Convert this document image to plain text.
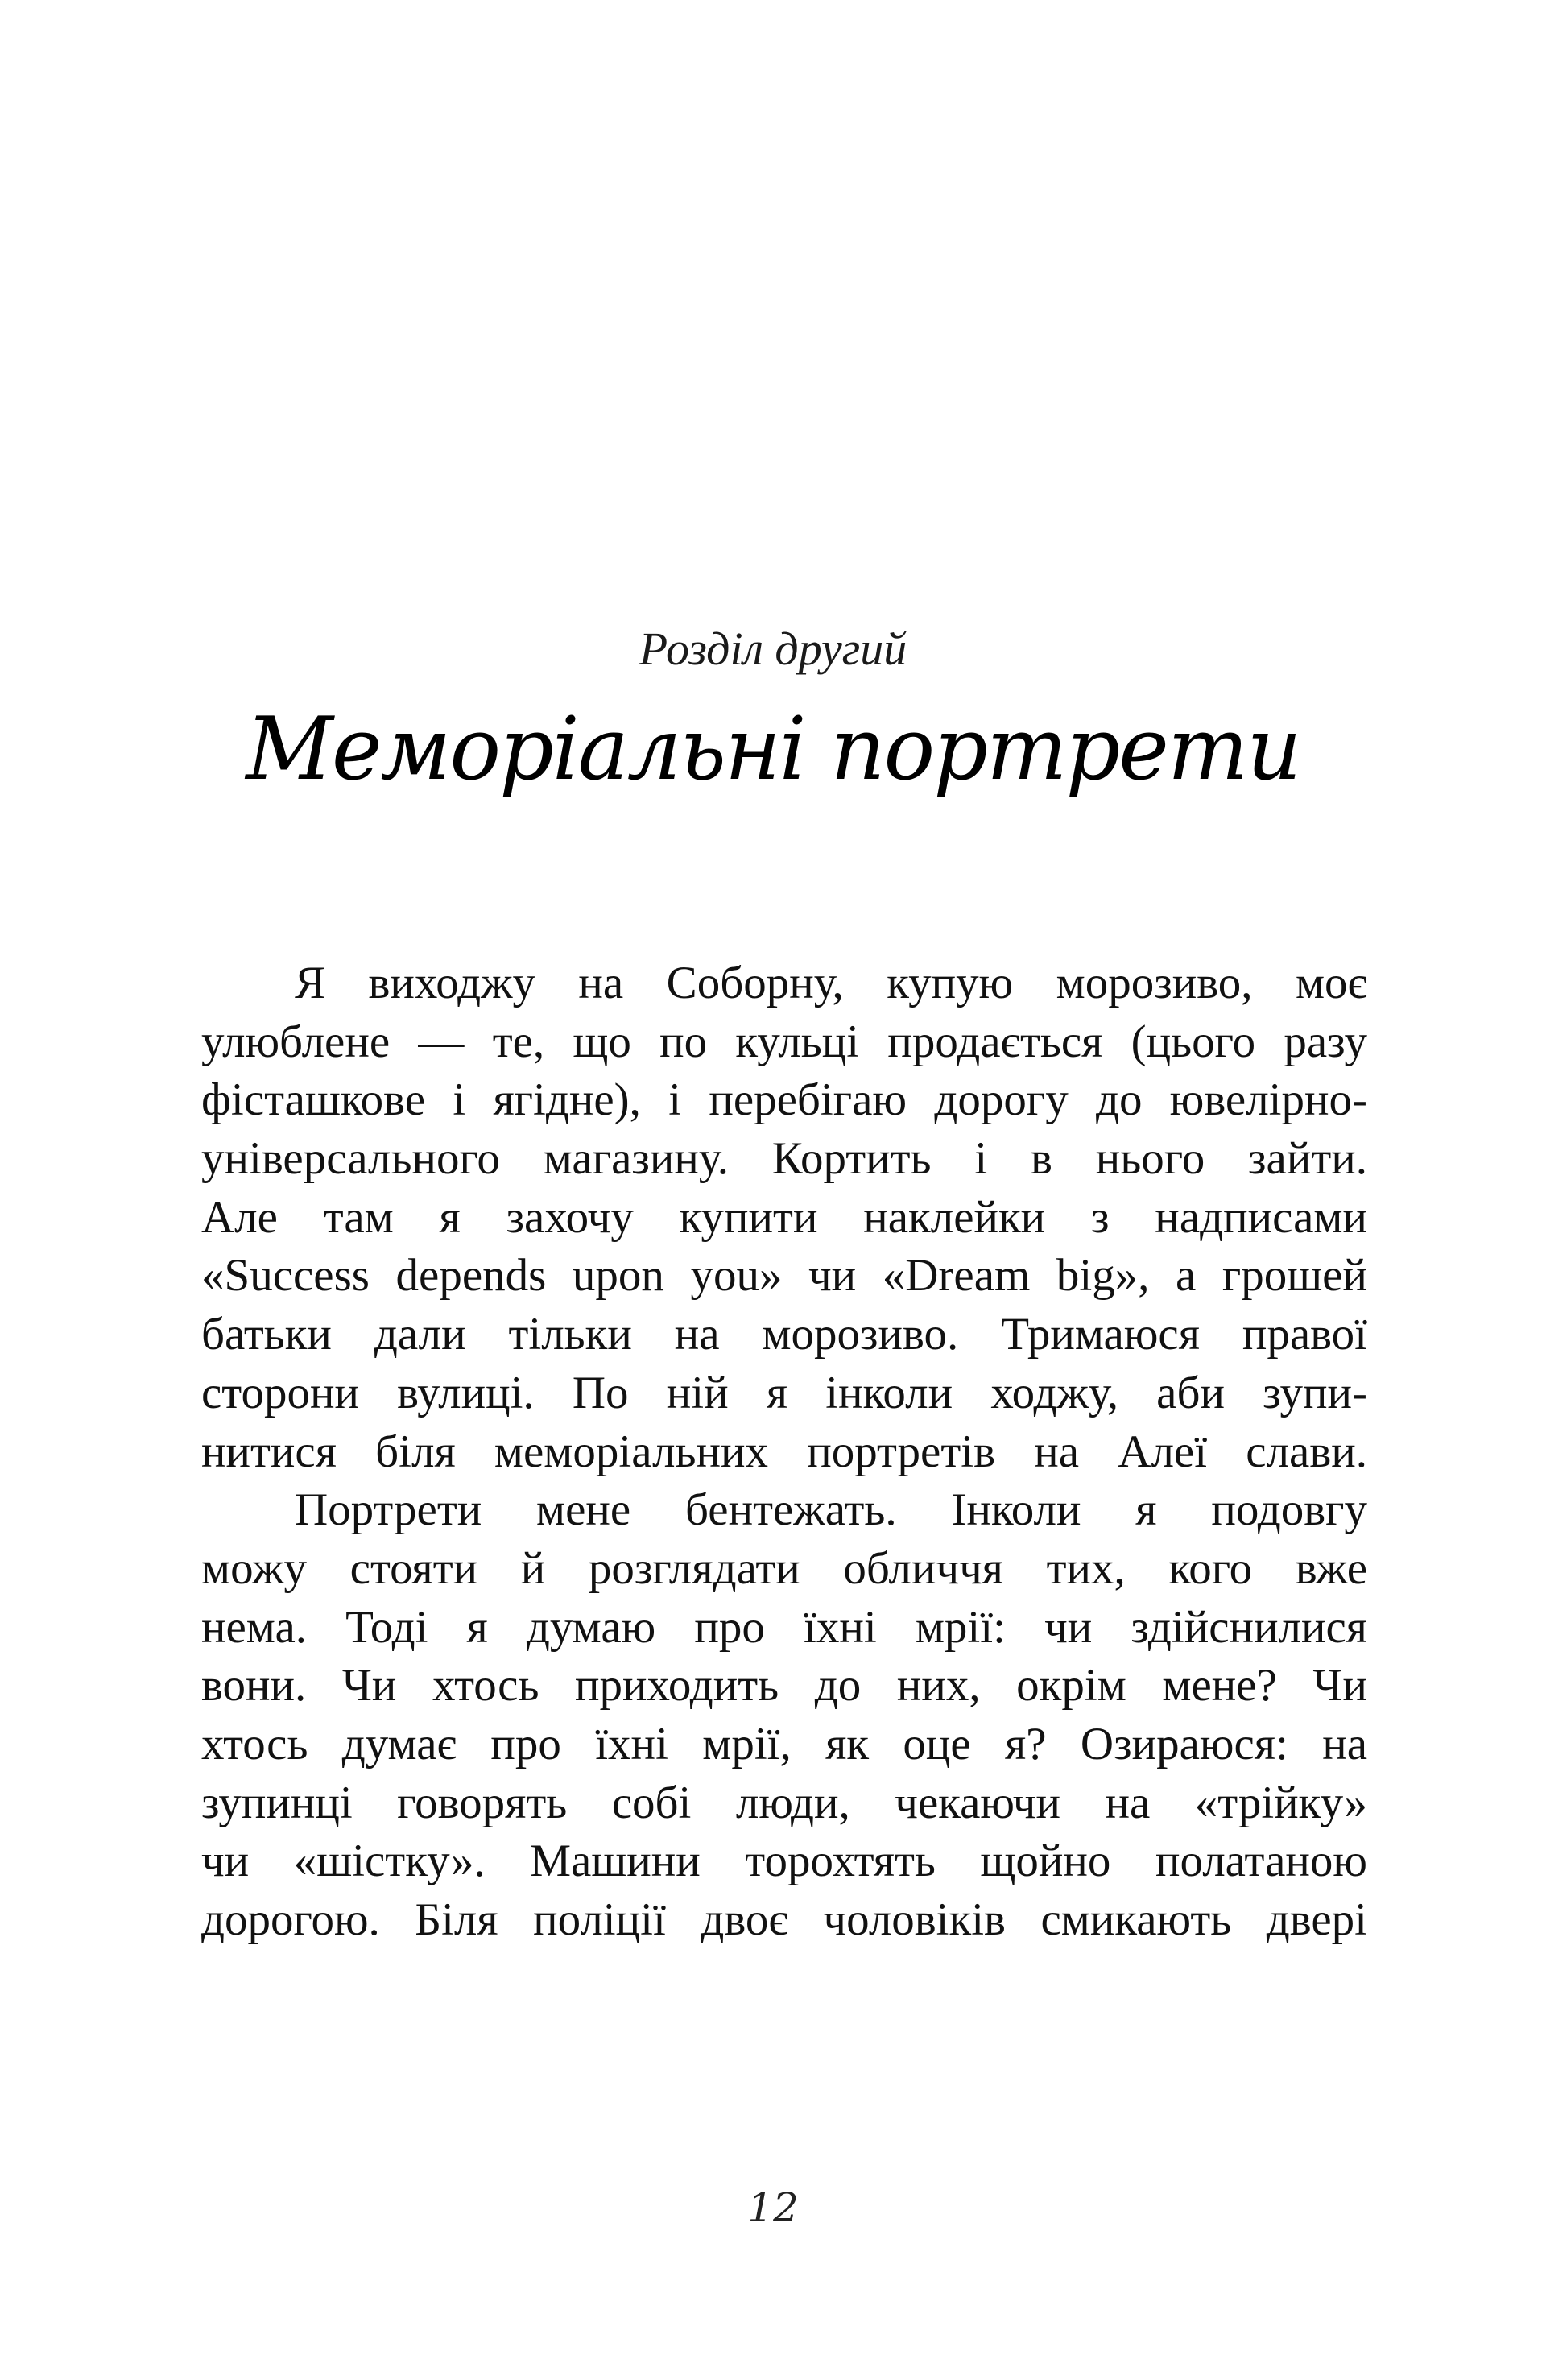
Розділ другий
Меморіальні портрети
Я виходжу на Соборну, купую морозиво, моє
улюблене — те, що по кульці продається (цього разу
фісташкове і ягідне), і перебігаю дорогу до ювелірно-
універсального магазину. Кортить і в нього зайти.
Але там я захочу купити наклейки з надписами
«Success depends upon you» чи «Dream big», а грошей
батьки дали тільки на морозиво. Тримаюся правої
сторони вулиці. По ній я інколи ходжу, аби зупи-
нитися біля меморіальних портретів на Алеї слави.
Портрети мене бентежать. Інколи я подовгу
можу стояти й розглядати обличчя тих, кого вже
нема. Тоді я думаю про їхні мрії: чи здійснилися
вони. Чи хтось приходить до них, окрім мене? Чи
хтось думає про їхні мрії, як оце я? Озираюся: на
зупинці говорять собі люди, чекаючи на «трійку»
чи «шістку». Машини торохтять щойно полатаною
дорогою. Біля поліції двоє чоловіків смикають двері
12
